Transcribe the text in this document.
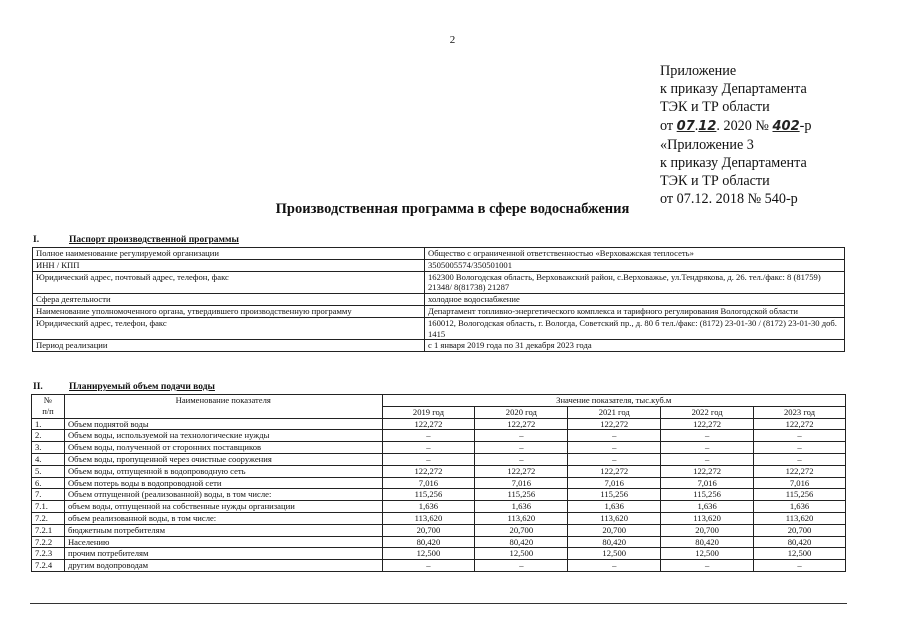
2
Приложение
к приказу Департамента
ТЭК и ТР области
от 07.12. 2020 № 402-р
«Приложение 3
к приказу Департамента
ТЭК и ТР области
от 07.12. 2018 № 540-р
Производственная программа в сфере водоснабжения
I.	Паспорт производственной программы
Полное наименование регулируемой организации	Общество с ограниченной ответственностью «Верховажская теплосеть»
ИНН / КПП	3505005574/350501001
Юридический адрес, почтовый адрес, телефон, факс	162300 Вологодская область, Верховажский район, с.Верховажье, ул.Тендрякова, д. 26. тел./факс: 8 (81759) 21348/ 8(81738) 21287
Сфера деятельности	холодное водоснабжение
Наименование уполномоченного органа, утвердившего производственную программу	Департамент топливно-энергетического комплекса и тарифного регулирования Вологодской области
Юридический адрес, телефон, факс	160012, Вологодская область, г. Вологда, Советский пр., д. 80 б тел./факс: (8172) 23-01-30 / (8172) 23-01-30 доб. 1415
Период реализации	с 1 января 2019 года по 31 декабря 2023 года
II.	Планируемый объем подачи воды
№
п/п	Наименование показателя	Значение показателя, тыс.куб.м				
		2019 год	2020 год	2021 год	2022 год	2023 год
1.	Объем поднятой воды	122,272	122,272	122,272	122,272	122,272
2.	Объем воды, используемой на технологические нужды	–	–	–	–	–
3.	Объем воды, полученной от сторонних поставщиков	–	–	–	–	–
4.	Объем воды, пропущенной через очистные сооружения	–	–	–	–	–
5.	Объем воды, отпущенной в водопроводную сеть	122,272	122,272	122,272	122,272	122,272
6.	Объем потерь воды в водопроводной сети	7,016	7,016	7,016	7,016	7,016
7.	Объем отпущенной (реализованной) воды, в том числе:	115,256	115,256	115,256	115,256	115,256
7.1.	объем воды, отпущенной на собственные нужды организации	1,636	1,636	1,636	1,636	1,636
7.2.	объем реализованной воды, в том числе:	113,620	113,620	113,620	113,620	113,620
7.2.1	бюджетным потребителям	20,700	20,700	20,700	20,700	20,700
7.2.2	Населению	80,420	80,420	80,420	80,420	80,420
7.2.3	прочим потребителям	12,500	12,500	12,500	12,500	12,500
7.2.4	другим водопроводам	–	–	–	–	–
